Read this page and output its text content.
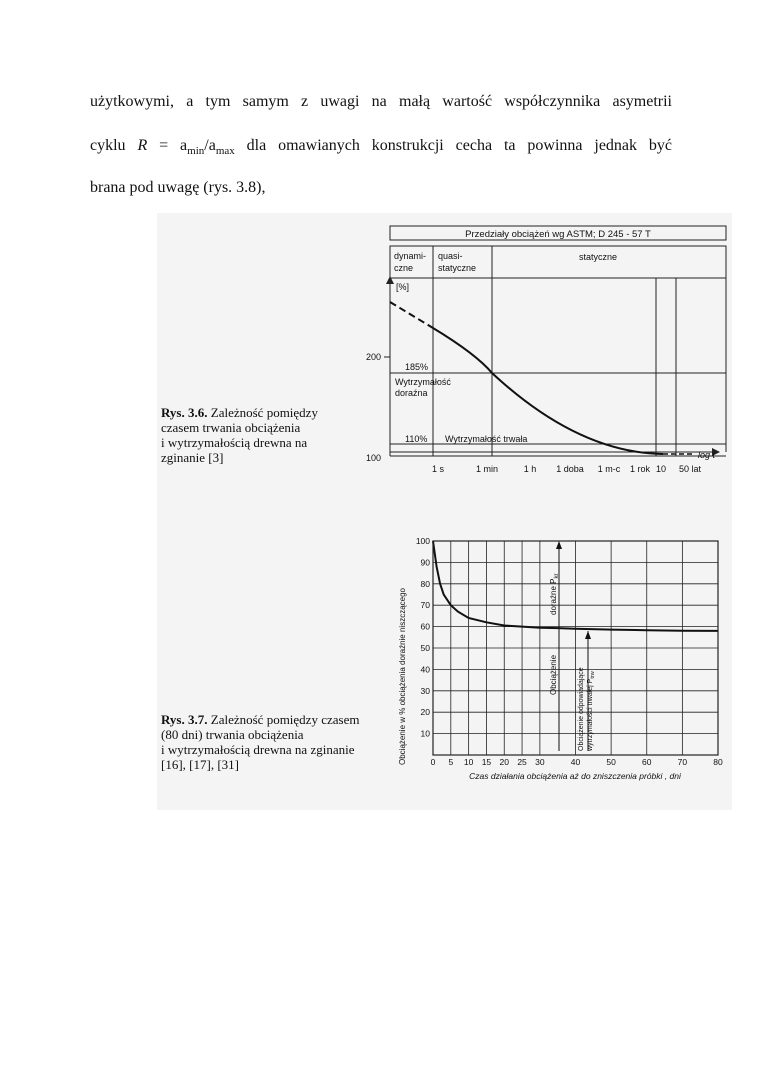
użytkowymi, a tym samym z uwagi na małą wartość współczynnika asymetrii

cyklu $R = a_{min}/a_{max}$ dla omawianych konstrukcji cecha ta powinna jednak być

brana pod uwagę (rys. 3.8),

Rys. 3.6. Zależność pomiędzy
czasem trwania obciążenia
i wytrzymałością drewna na
zginanie [3]

Rys. 3.7. Zależność pomiędzy czasem
(80 dni) trwania obciążenia
i wytrzymałością drewna na zginanie
[16], [17], [31]

Przedziały obciążeń wg ASTM; D 245 - 57 T
dynami-
czne
quasi-
statyczne
statyczne
[%]
200
100	log t
1 s	1 min	1 h 1 doba 1 m-c 1 rok 10 50 lat
185%
Wytrzymałość
doraźna
110% Wytrzymałość trwała
Obciążenie w % obciążenia doraźnie niszczącego	0 5 10 15 20 25 30	40	50	60	70	80
100
90
80
70
60
50
40
30
20
10
Czas działania obciążenia aż do zniszczenia próbki , dni
Obciążenie
doraźne $P_{kr}$
Obciążenie odpowiadające wytrzymałości trwałej $P_{trw}$
